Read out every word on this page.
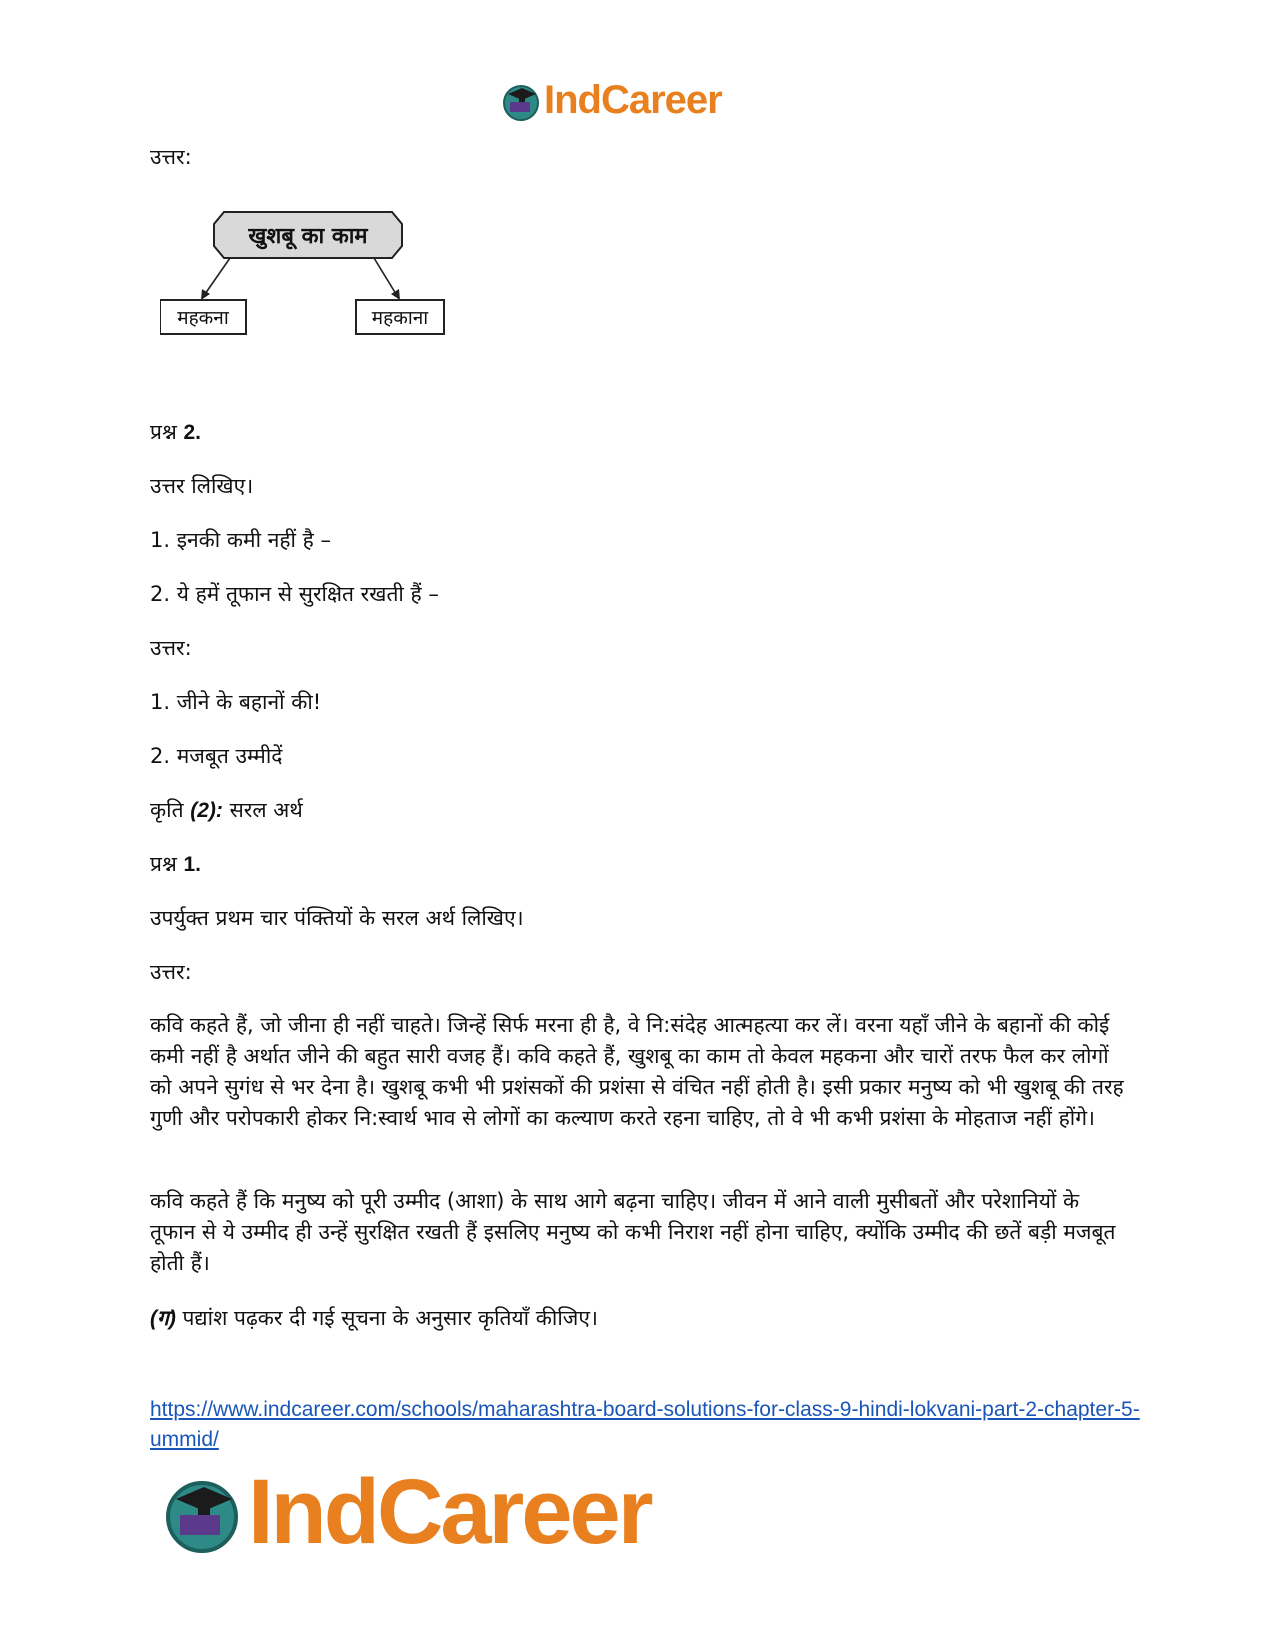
IndCareer
उत्तर:
खुशबू का काम
महकना	महकाना
प्रश्न 2.
उत्तर लिखिए।
1. इनकी कमी नहीं है –
2. ये हमें तूफान से सुरक्षित रखती हैं –
उत्तर:
1. जीने के बहानों की!
2. मजबूत उम्मीदें
कृति (2): सरल अर्थ
प्रश्न 1.
उपर्युक्त प्रथम चार पंक्तियों के सरल अर्थ लिखिए।
उत्तर:
कवि कहते हैं, जो जीना ही नहीं चाहते। जिन्हें सिर्फ मरना ही है, वे नि:संदेह आत्महत्या कर लें। वरना यहाँ जीने के बहानों की कोई कमी नहीं है अर्थात जीने की बहुत सारी वजह हैं। कवि कहते हैं, खुशबू का काम तो केवल महकना और चारों तरफ फैल कर लोगों को अपने सुगंध से भर देना है। खुशबू कभी भी प्रशंसकों की प्रशंसा से वंचित नहीं होती है। इसी प्रकार मनुष्य को भी खुशबू की तरह गुणी और परोपकारी होकर नि:स्वार्थ भाव से लोगों का कल्याण करते रहना चाहिए, तो वे भी कभी प्रशंसा के मोहताज नहीं होंगे।
कवि कहते हैं कि मनुष्य को पूरी उम्मीद (आशा) के साथ आगे बढ़ना चाहिए। जीवन में आने वाली मुसीबतों और परेशानियों के तूफान से ये उम्मीद ही उन्हें सुरक्षित रखती हैं इसलिए मनुष्य को कभी निराश नहीं होना चाहिए, क्योंकि उम्मीद की छतें बड़ी मजबूत होती हैं।
(ग) पद्यांश पढ़कर दी गई सूचना के अनुसार कृतियाँ कीजिए।
https://www.indcareer.com/schools/maharashtra-board-solutions-for-class-9-hindi-lokvani-part-2-chapter-5-ummid/
IndCareer
